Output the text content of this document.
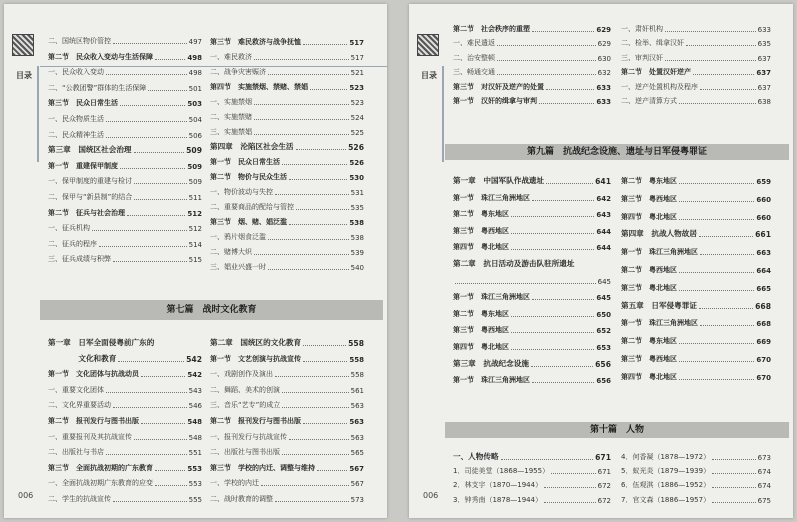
目录
006
二、国统区物价管控	497
第二节　民众收入变动与生活保障	498
一、民众收入变动	498
二、“公教团警”群体的生活保障	501
第三节　民众日常生活	503
一、民众物质生活	504
二、民众精神生活	506
第三章　国统区社会治理	509
第一节　重建保甲制度	509
一、保甲制度的重建与检讨	509
二、保甲与“新县制”的结合	511
第二节　征兵与社会治理	512
一、征兵机构	512
二、征兵的程序	514
三、征兵成绩与积弊	515
第三节　难民救济与战争抚恤	517
一、难民救济	517
二、战争灾害赈济	521
第四节　实施禁烟、禁赌、禁娼	523
一、实施禁烟	523
二、实施禁赌	524
三、实施禁娼	525
第四章　沦陷区社会生活	526
第一节　民众日常生活	526
第二节　物价与民众生活	530
一、物价波动与失控	531
二、重要商品的配给与管控	535
第三节　烟、赌、娼泛滥	538
一、鸦片烟食泛滥	538
二、赌博大炽	539
三、娼业兴盛一时	540
第七篇　战时文化教育
第一章　日军全面侵粤前广东的
　　　　文化和教育	542
第一节　文化团体与抗战动员	542
一、重要文化团体	543
二、文化界重要活动	546
第二节　报刊发行与图书出版	548
一、重要报刊及其抗战宣传	548
二、出版社与书店	551
第三节　全面抗战初期的广东教育	553
一、全面抗战初期广东教育的应变	553
二、学生的抗战宣传	555
第二章　国统区的文化教育	558
第一节　文艺创演与抗战宣传	558
一、戏剧创作及演出	558
二、舞蹈、美术的创演	561
三、音乐“艺专”的成立	563
第二节　报刊发行与图书出版	563
一、报刊发行与抗战宣传	563
二、出版社与图书出版	565
第三节　学校的内迁、调整与维持	567
一、学校的内迁	567
二、战时教育的调整	573
目录
006
第二节　社会秩序的重塑	629
一、难民遣返	629
二、治安整顿	630
三、畅通交通	632
第三节　对汉奸及逆产的处置	633
第一节　汉奸的缉拿与审判	633
一、肃奸机构	633
二、检举、缉拿汉奸	635
三、审判汉奸	637
第二节　处置汉奸逆产	637
一、逆产处置机构及程序	637
二、逆产清算方式	638
第九篇　抗战纪念设施、遗址与日军侵粤罪证
第一章　中国军队作战遗址	641
第一节　珠江三角洲地区	642
第二节　粤东地区	643
第三节　粤西地区	644
第四节　粤北地区	644
第二章　抗日活动及游击队驻所遗址
645
第一节　珠江三角洲地区	645
第二节　粤东地区	650
第三节　粤西地区	652
第四节　粤北地区	653
第三章　抗战纪念设施	656
第一节　珠江三角洲地区	656
第二节　粤东地区	659
第三节　粤西地区	660
第四节　粤北地区	660
第四章　抗战人物故居	661
第一节　珠江三角洲地区	663
第二节　粤西地区	664
第三节　粤北地区	665
第五章　日军侵粤罪证	668
第一节　珠江三角洲地区	668
第二节　粤东地区	669
第三节　粤西地区	670
第四节　粤北地区	670
第十篇　人物
一、人物传略	671
1．司徒美堂（1868—1955）	671
2．林支宇（1870—1944）	672
3．钟秀南（1878—1944）	672
4．何香凝（1878—1972）	673
5．蚁光炎（1879—1939）	674
6．伍观淇（1886—1952）	674
7．官文森（1886—1957）	675
